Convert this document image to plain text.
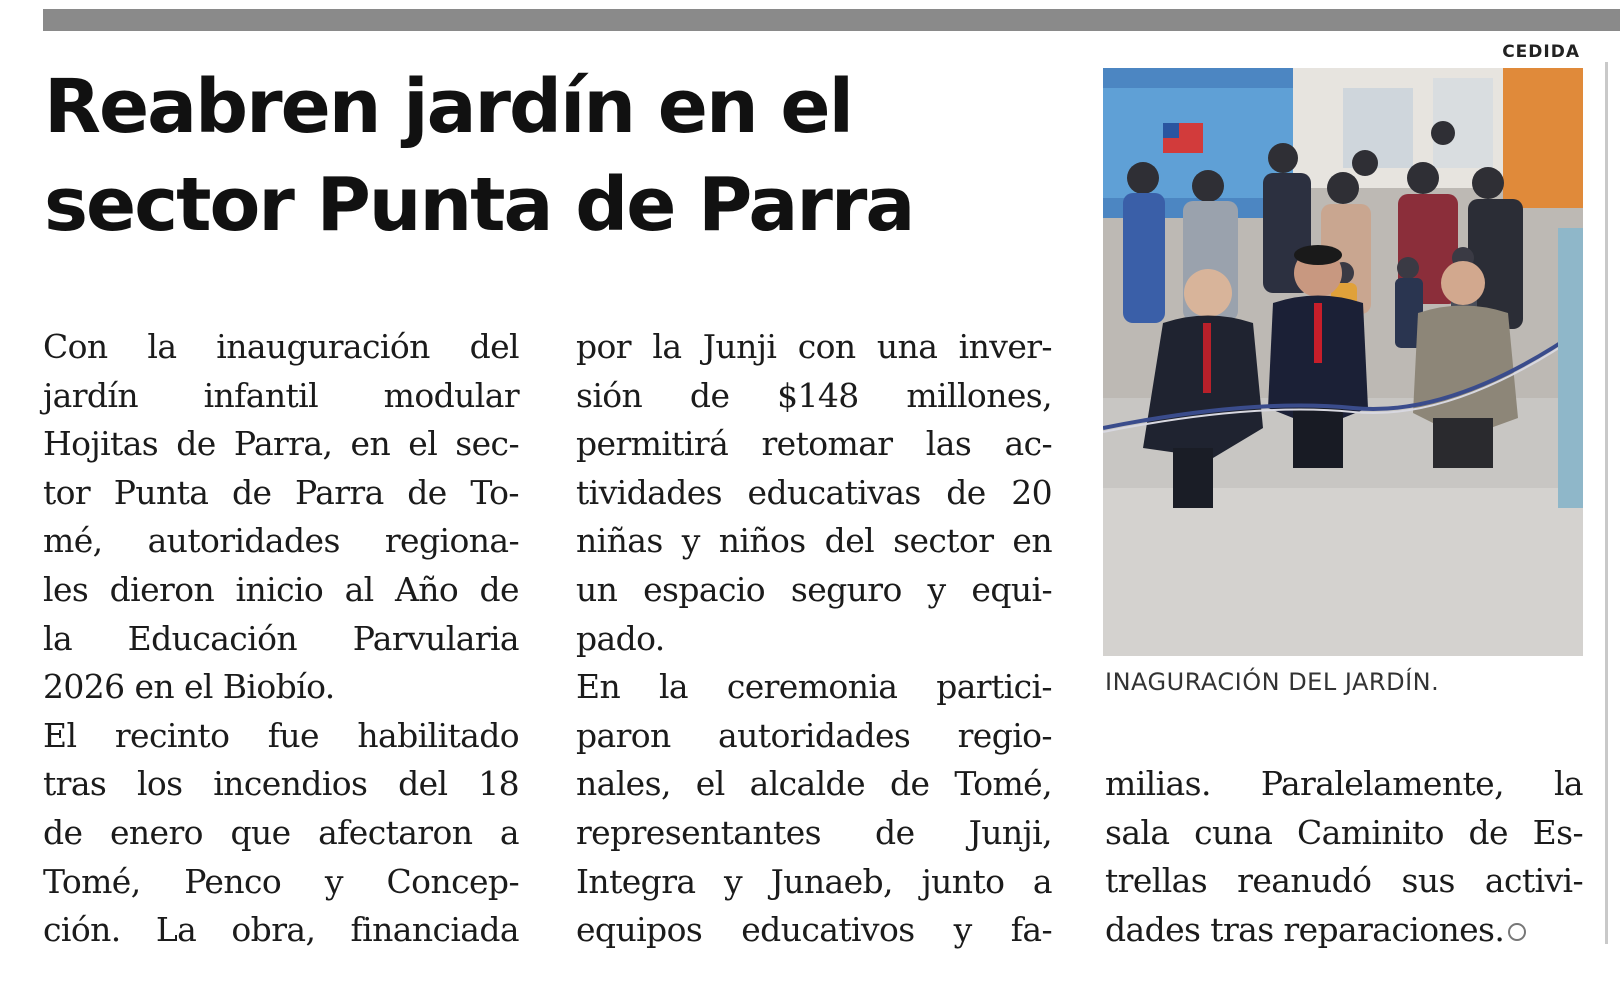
Reabren jardín en el
sector Punta de Parra
CEDIDA
INAGURACIÓN DEL JARDÍN.

Con la inauguración del
jardín infantil modular
Hojitas de Parra, en el sec-
tor Punta de Parra de To-
mé, autoridades regiona-
les dieron inicio al Año de
la Educación Parvularia
2026 en el Biobío.

El recinto fue habilitado
tras los incendios del 18
de enero que afectaron a
Tomé, Penco y Concep-
ción. La obra, financiada

por la Junji con una inver-
sión de $148 millones,
permitirá retomar las ac-
tividades educativas de 20
niñas y niños del sector en
un espacio seguro y equi-
pado.

En la ceremonia partici-
paron autoridades regio-
nales, el alcalde de Tomé,
representantes de Junji,
Integra y Junaeb, junto a
equipos educativos y fa-

milias. Paralelamente, la
sala cuna Caminito de Es-
trellas reanudó sus activi-
dades tras reparaciones.
